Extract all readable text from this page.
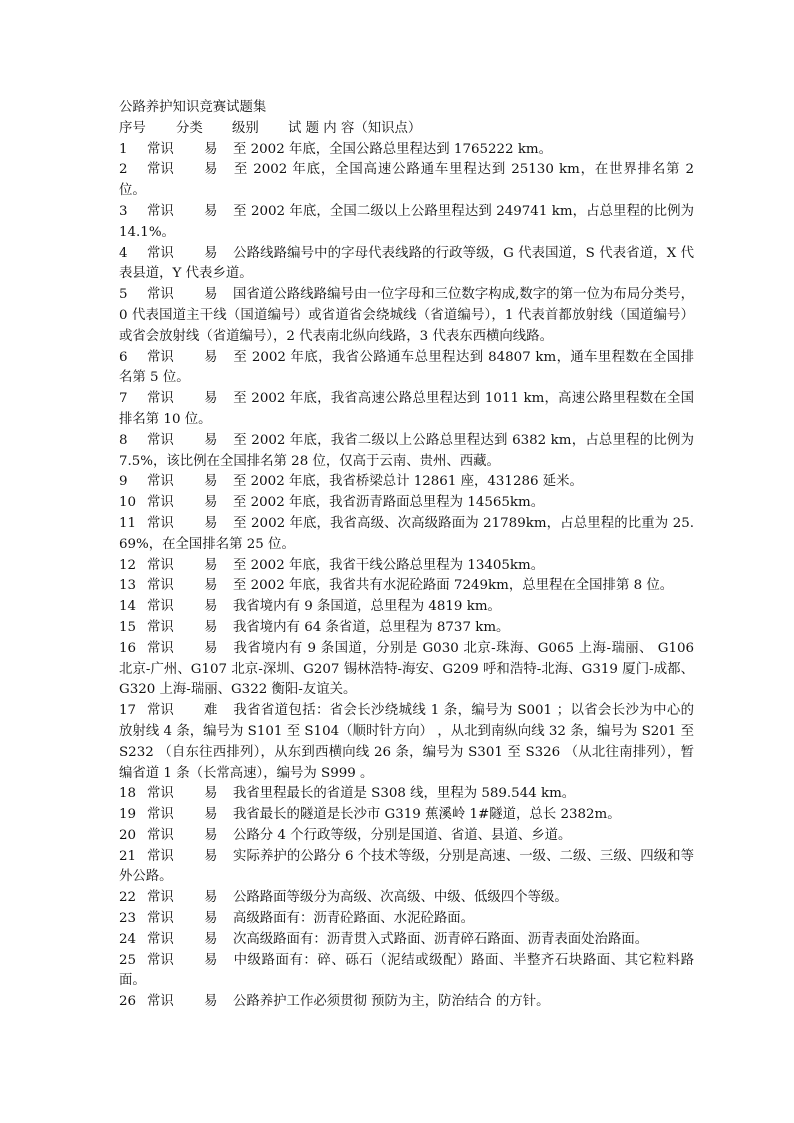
公路养护知识竞赛试题集
序号 分类 级别 试 题 内 容（知识点）
1 常识 易 至 2002 年底，全国公路总里程达到 1765222 km。
2 常识 易 至 2002 年底，全国高速公路通车里程达到 25130 km，在世界排名第 2 位。
3 常识 易 至 2002 年底，全国二级以上公路里程达到 249741 km，占总里程的比例为 14.1%。
4 常识 易 公路线路编号中的字母代表线路的行政等级，G 代表国道，S 代表省道，X 代表县道，Y 代表乡道。
5 常识 易 国省道公路线路编号由一位字母和三位数字构成,数字的第一位为布局分类号，0 代表国道主干线（国道编号）或省道省会绕城线（省道编号），1 代表首都放射线（国道编号）或省会放射线（省道编号），2 代表南北纵向线路，3 代表东西横向线路。
6 常识 易 至 2002 年底，我省公路通车总里程达到 84807 km，通车里程数在全国排名第 5 位。
7 常识 易 至 2002 年底，我省高速公路总里程达到 1011 km，高速公路里程数在全国排名第 10 位。
8 常识 易 至 2002 年底，我省二级以上公路总里程达到 6382 km，占总里程的比例为 7.5%，该比例在全国排名第 28 位，仅高于云南、贵州、西藏。
9 常识 易 至 2002 年底，我省桥梁总计 12861 座，431286 延米。
10 常识 易 至 2002 年底，我省沥青路面总里程为 14565km。
11 常识 易 至 2002 年底，我省高级、次高级路面为 21789km，占总里程的比重为 25.69%，在全国排名第 25 位。
12 常识 易 至 2002 年底，我省干线公路总里程为 13405km。
13 常识 易 至 2002 年底，我省共有水泥砼路面 7249km，总里程在全国排第 8 位。
14 常识 易 我省境内有 9 条国道，总里程为 4819 km。
15 常识 易 我省境内有 64 条省道，总里程为 8737 km。
16 常识 易 我省境内有 9 条国道，分别是 G030 北京-珠海、G065 上海-瑞丽、 G106 北京-广州、G107 北京-深圳、G207 锡林浩特-海安、G209 呼和浩特-北海、G319 厦门-成都、G320 上海-瑞丽、G322 衡阳-友谊关。
17 常识 难 我省省道包括：省会长沙绕城线 1 条，编号为 S001 ；以省会长沙为中心的放射线 4 条，编号为 S101 至 S104（顺时针方向） ，从北到南纵向线 32 条，编号为 S201 至 S232 （自东往西排列），从东到西横向线 26 条，编号为 S301 至 S326 （从北往南排列），暂编省道 1 条（长常高速），编号为 S999 。
18 常识 易 我省里程最长的省道是 S308 线，里程为 589.544 km。
19 常识 易 我省最长的隧道是长沙市 G319 蕉溪岭 1#隧道，总长 2382m。
20 常识 易 公路分 4 个行政等级，分别是国道、省道、县道、乡道。
21 常识 易 实际养护的公路分 6 个技术等级，分别是高速、一级、二级、三级、四级和等外公路。
22 常识 易 公路路面等级分为高级、次高级、中级、低级四个等级。
23 常识 易 高级路面有：沥青砼路面、水泥砼路面。
24 常识 易 次高级路面有：沥青贯入式路面、沥青碎石路面、沥青表面处治路面。
25 常识 易 中级路面有：碎、砾石（泥结或级配）路面、半整齐石块路面、其它粒料路面。
26 常识 易 公路养护工作必须贯彻 预防为主，防治结合 的方针。
